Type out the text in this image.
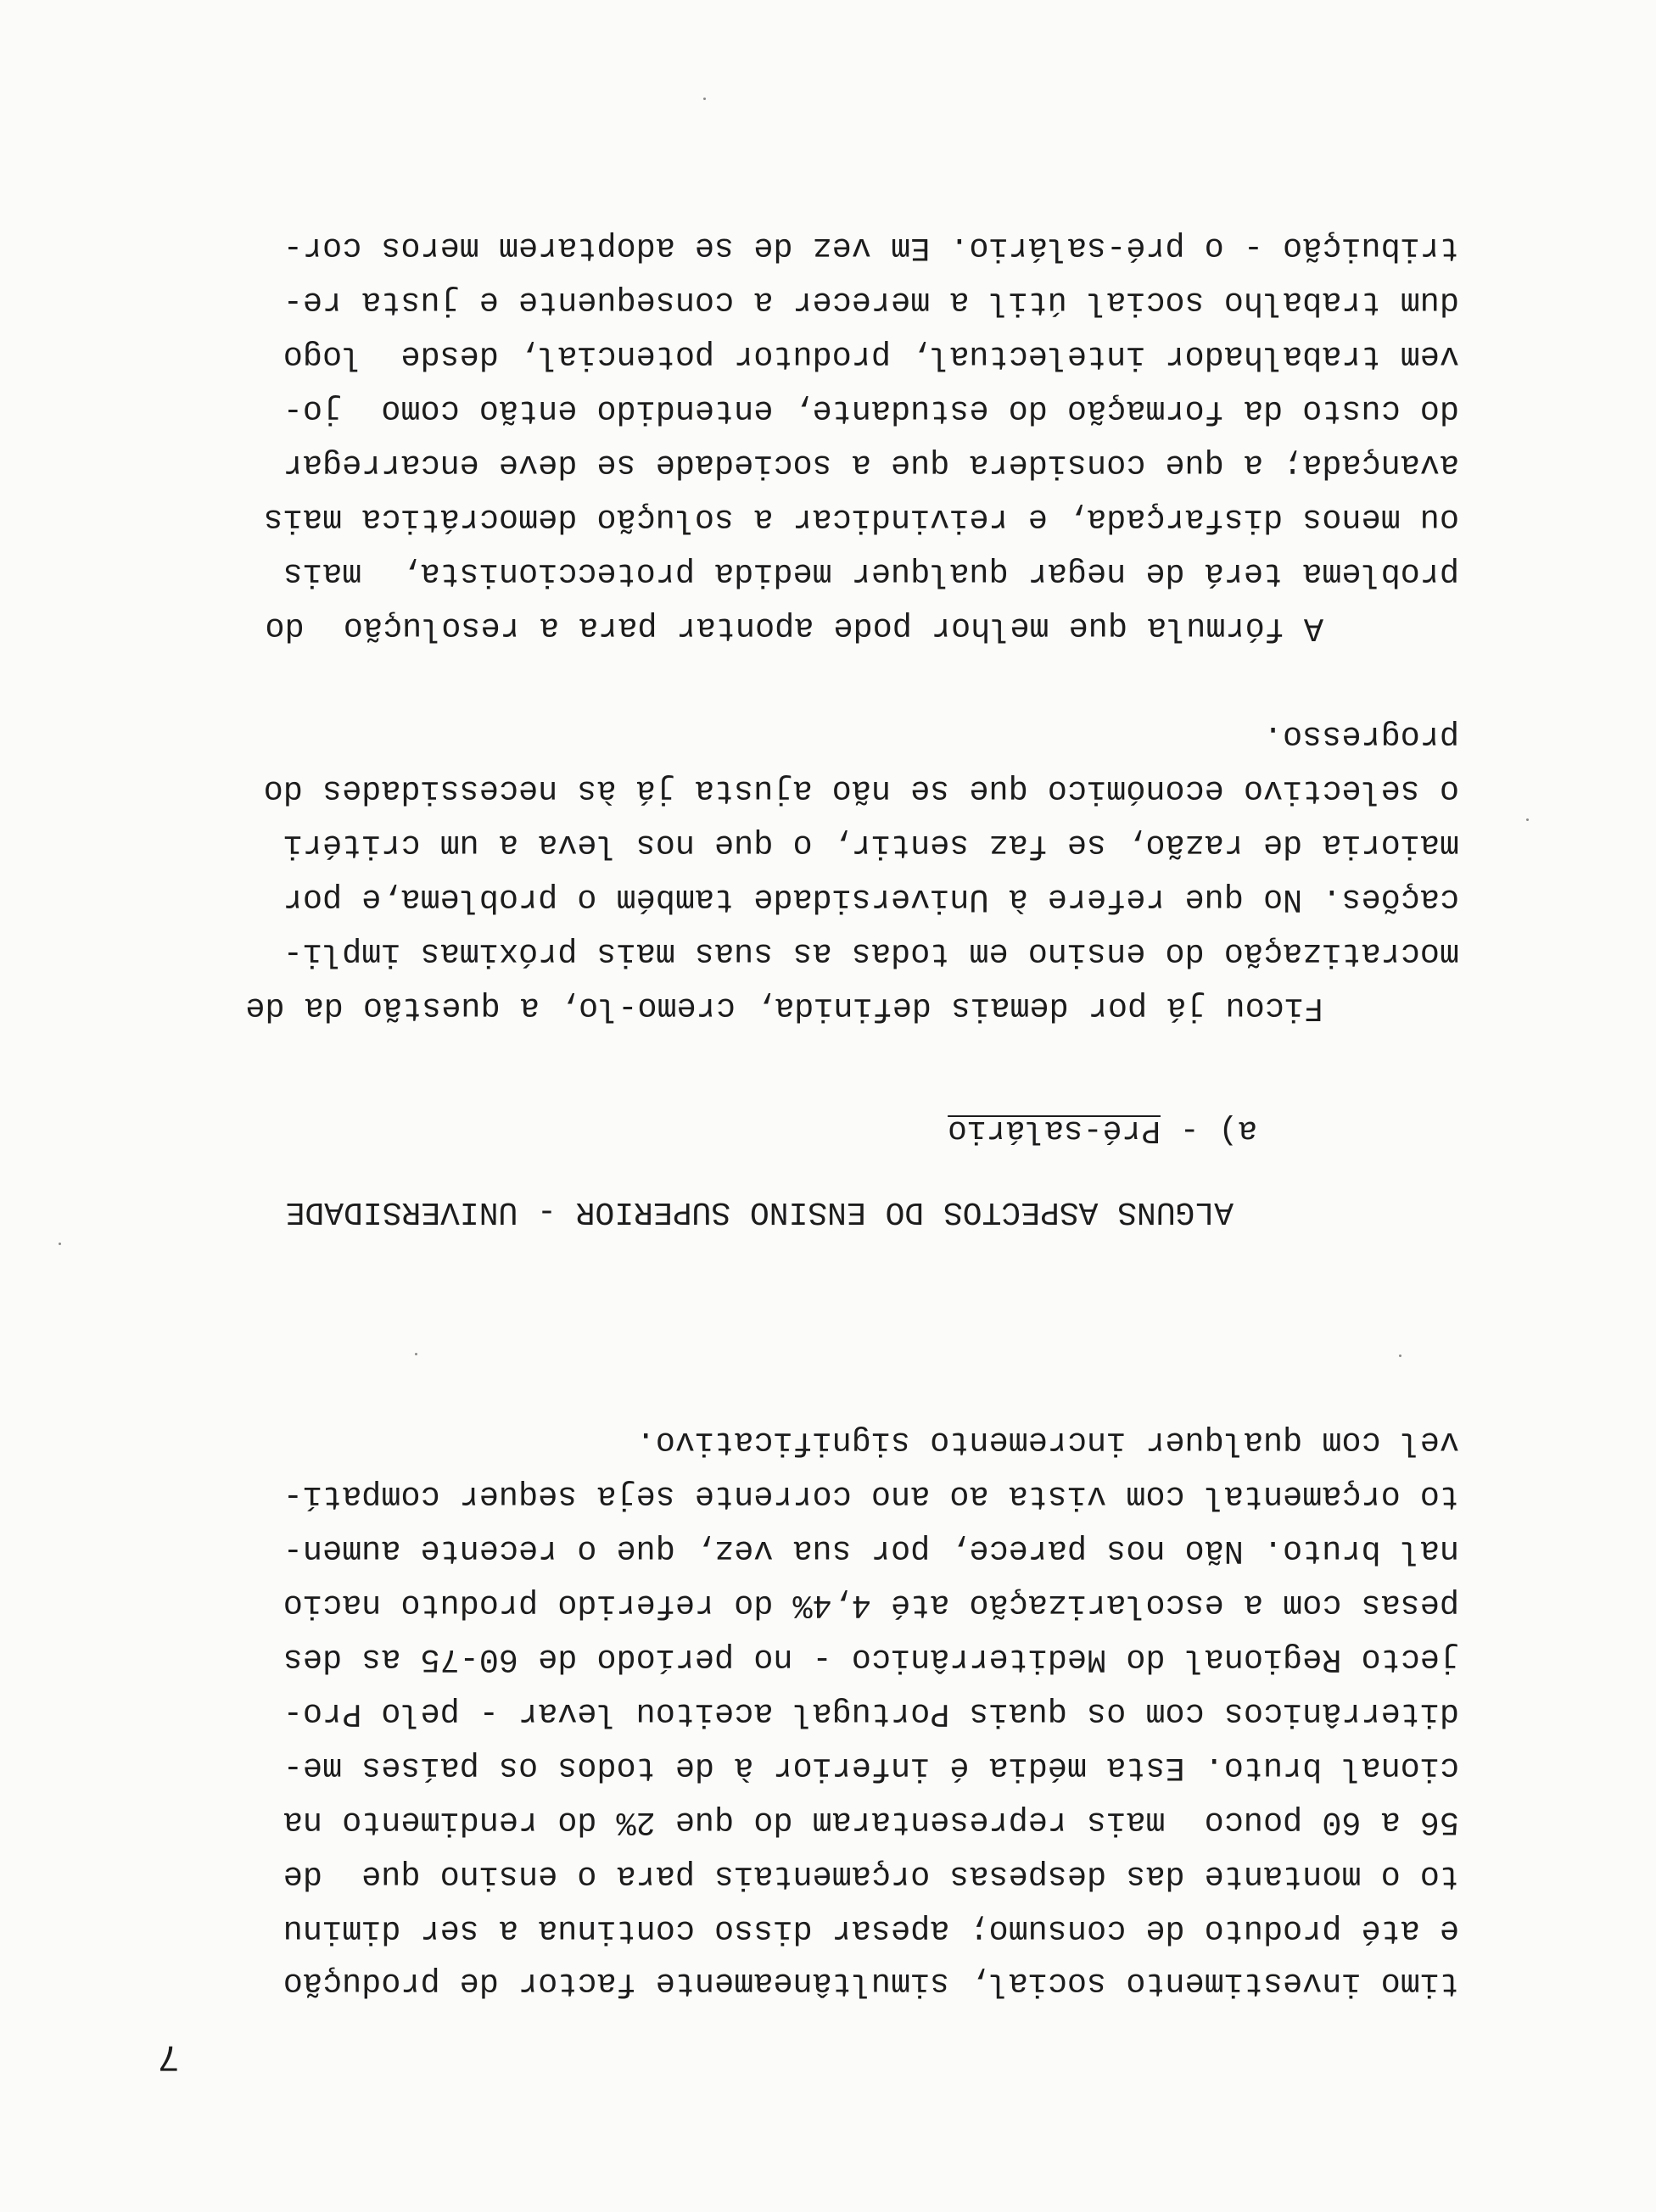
7
timo investimento social, simultâneamente factor de produção
e até produto de consumo; apesar disso continua a ser diminu
to o montante das despesas orçamentais para o ensino que  de
56 a 60 pouco  mais representaram do que 2% do rendimento na
cional bruto. Esta média é inferior à de todos os países me-
diterrânicos com os quais Portugal aceitou levar - pelo Pro-
jecto Regional do Mediterrânico - no período de 60-75 as des
pesas com a escolarização até 4,4% do referido produto nacio
nal bruto. Não nos parece, por sua vez, que o recente aumen-
to orçamental com vista ao ano corrente seja sequer compatí-
vel com qualquer incremento significativo.
ALGUNS ASPECTOS DO ENSINO SUPERIOR - UNIVERSIDADE
a) - Pré-salário
Ficou já por demais definida, cremo-lo, a questão da de
mocratização do ensino em todas as suas mais próximas impli-
cações. No que refere à Universidade também o problema,e por
maioria de razão, se faz sentir, o que nos leva a um critéri
o selectivo económico que se não ajusta já às necessidades do
progresso.
A fórmula que melhor pode apontar para a resolução  do
problema terá de negar qualquer medida proteccionista,  mais
ou menos disfarçada, e reivindicar a solução democrática mais
avançada; a que considera que a sociedade se deve encarregar
do custo da formação do estudante, entendido então como  jo-
vem trabalhador intelectual, produtor potencial, desde  logo
dum trabalho social útil a merecer a consequente e justa re-
tribuição - o pré-salário. Em vez de se adoptarem meros cor-
